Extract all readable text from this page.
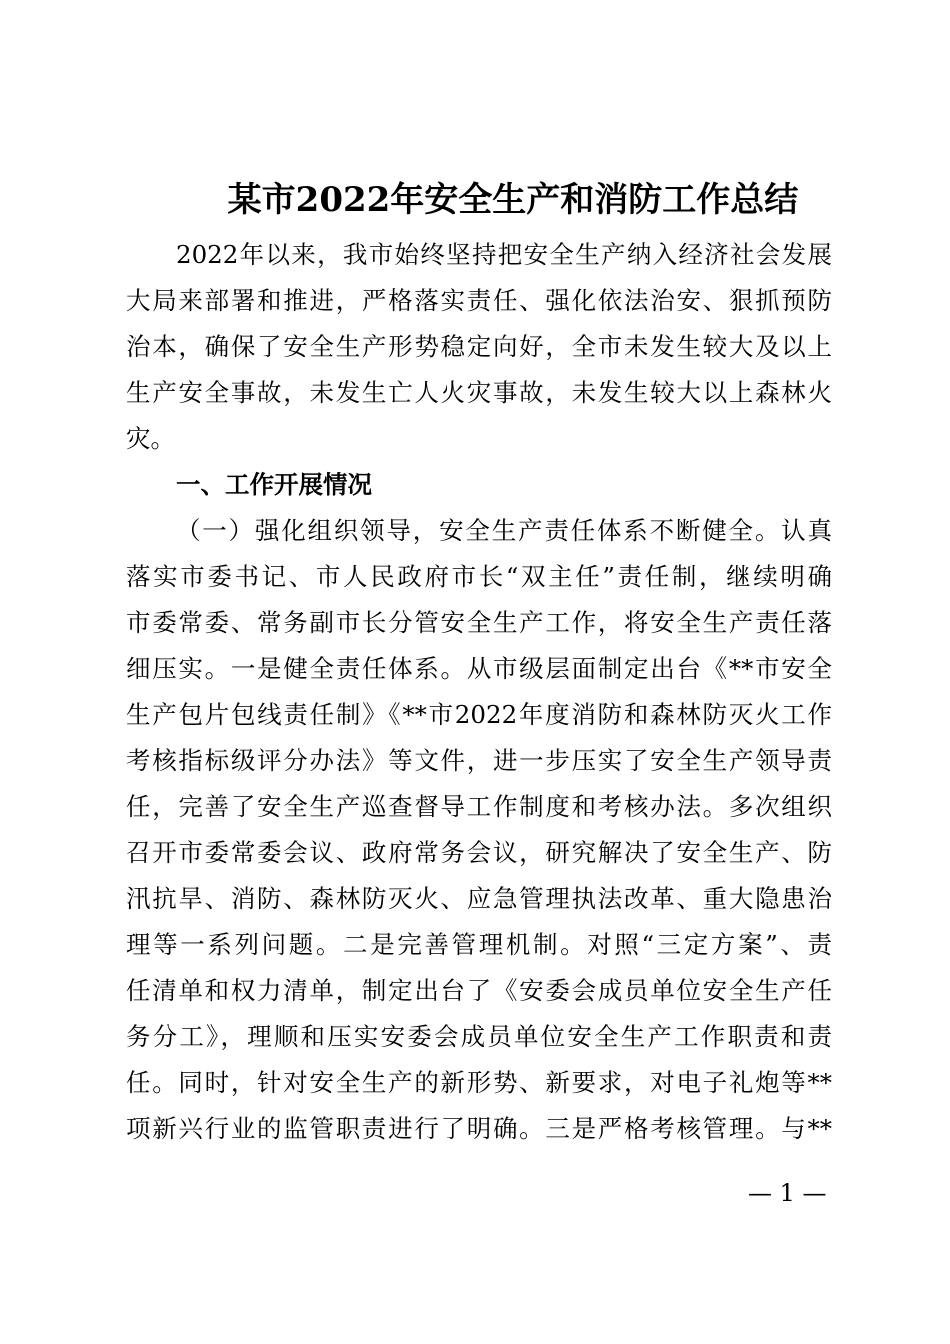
某市2022年安全生产和消防工作总结
2022年以来，我市始终坚持把安全生产纳入经济社会发展
大局来部署和推进，严格落实责任、强化依法治安、狠抓预防
治本，确保了安全生产形势稳定向好，全市未发生较大及以上
生产安全事故，未发生亡人火灾事故，未发生较大以上森林火
灾。
一、工作开展情况
（一）强化组织领导，安全生产责任体系不断健全。认真
落实市委书记、市人民政府市长“双主任”责任制，继续明确
市委常委、常务副市长分管安全生产工作，将安全生产责任落
细压实。一是健全责任体系。从市级层面制定出台《**市安全
生产包片包线责任制》《**市2022年度消防和森林防灭火工作
考核指标级评分办法》等文件，进一步压实了安全生产领导责
任，完善了安全生产巡查督导工作制度和考核办法。多次组织
召开市委常委会议、政府常务会议，研究解决了安全生产、防
汛抗旱、消防、森林防灭火、应急管理执法改革、重大隐患治
理等一系列问题。二是完善管理机制。对照“三定方案”、责
任清单和权力清单，制定出台了《安委会成员单位安全生产任
务分工》，理顺和压实安委会成员单位安全生产工作职责和责
任。同时，针对安全生产的新形势、新要求，对电子礼炮等**
项新兴行业的监管职责进行了明确。三是严格考核管理。与**
— 1 —
